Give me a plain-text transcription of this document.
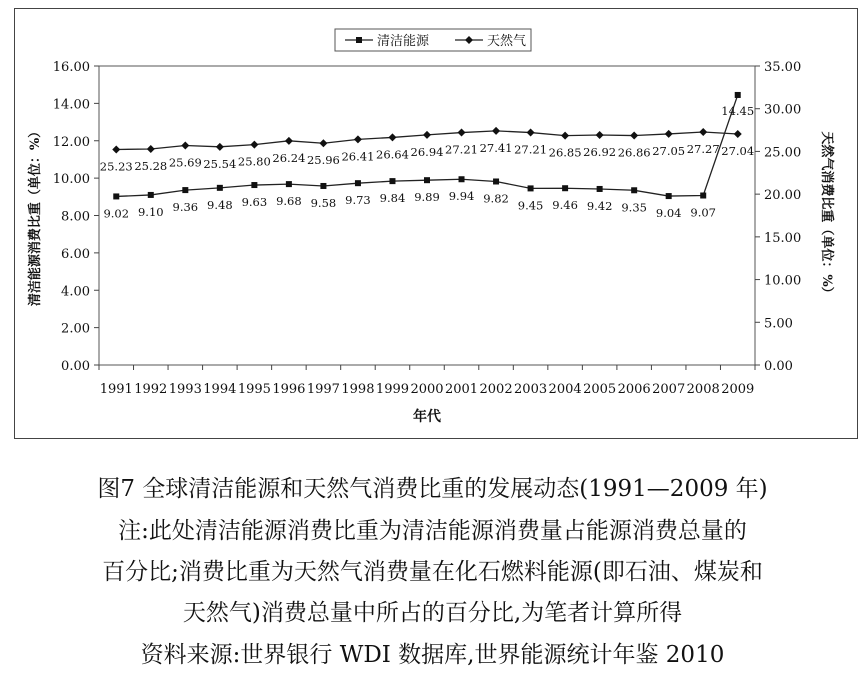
0.00
2.00
4.00
6.00
8.00
10.00
12.00
14.00
16.00
0.00
5.00
10.00
15.00
20.00
25.00
30.00
35.00
1991 1992 1993 1994 1995 1996 1997 1998 1999 2000 2001 2002 2003 2004 2005 2006 2007 2008 2009
年代
清洁能源消费比重（单位：%）	天然气消费比重（单位：%）
9.02 9.10 9.36 9.48 9.63 9.68 9.58 9.73 9.84 9.89 9.94 9.82 9.45 9.46 9.42 9.35 9.04 9.07
14.45
清洁能源
25.23 25.28 25.69 25.54 25.80 26.24 25.96 26.41 26.64 26.94 27.21 27.41 27.21 26.85 26.92 26.86 27.05 27.27 27.04
天然气
图7 全球清洁能源和天然气消费比重的发展动态(1991—2009 年)
注:此处清洁能源消费比重为清洁能源消费量占能源消费总量的
百分比;消费比重为天然气消费量在化石燃料能源(即石油、煤炭和
天然气)消费总量中所占的百分比,为笔者计算所得
资料来源:世界银行 WDI 数据库,世界能源统计年鉴 2010
